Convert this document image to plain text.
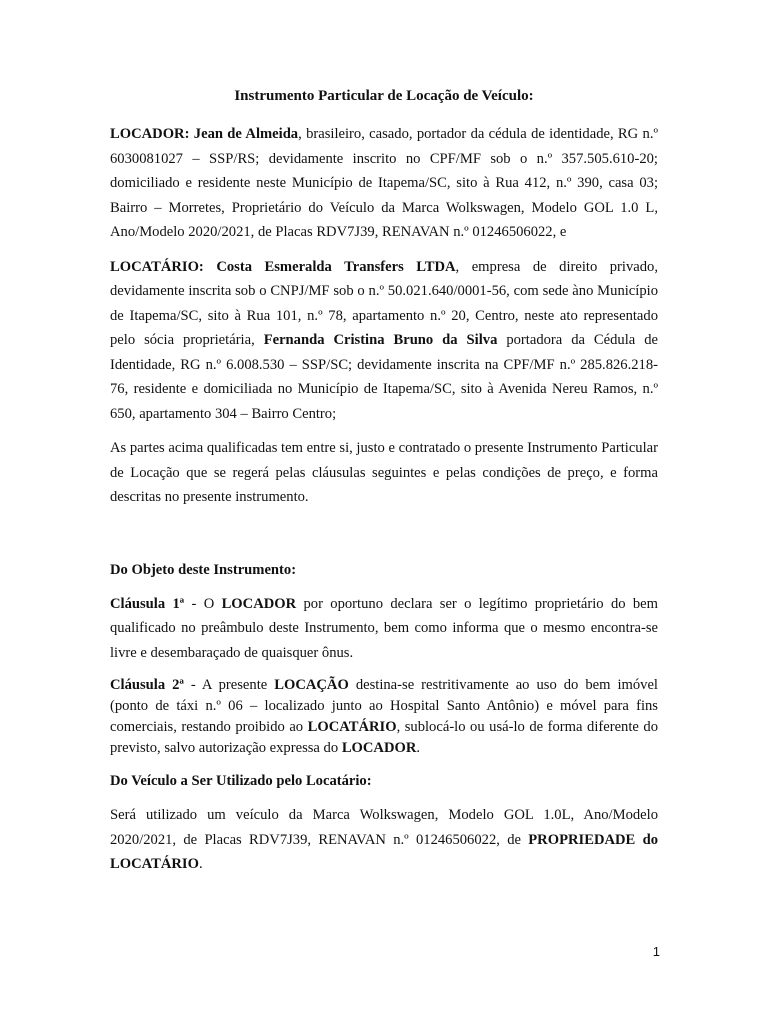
Instrumento Particular de Locação de Veículo:

LOCADOR: Jean de Almeida, brasileiro, casado, portador da cédula de identidade, RG n.º 6030081027 – SSP/RS; devidamente inscrito no CPF/MF sob o n.º 357.505.610-20; domiciliado e residente neste Município de Itapema/SC, sito à Rua 412, n.º 390, casa 03; Bairro – Morretes, Proprietário do Veículo da Marca Wolkswagen, Modelo GOL 1.0 L, Ano/Modelo 2020/2021, de Placas RDV7J39, RENAVAN n.º 01246506022, e

LOCATÁRIO: Costa Esmeralda Transfers LTDA, empresa de direito privado, devidamente inscrita sob o CNPJ/MF sob o n.º 50.021.640/0001-56, com sede àno Município de Itapema/SC, sito à Rua 101, n.º 78, apartamento n.º 20, Centro, neste ato representado pelo sócia proprietária, Fernanda Cristina Bruno da Silva portadora da Cédula de Identidade, RG n.º 6.008.530 – SSP/SC; devidamente inscrita na CPF/MF n.º 285.826.218-76, residente e domiciliada no Município de Itapema/SC, sito à Avenida Nereu Ramos, n.º 650, apartamento 304 – Bairro Centro;

As partes acima qualificadas tem entre si, justo e contratado o presente Instrumento Particular de Locação que se regerá pelas cláusulas seguintes e pelas condições de preço, e forma descritas no presente instrumento.

Do Objeto deste Instrumento:

Cláusula 1ª - O LOCADOR por oportuno declara ser o legítimo proprietário do bem qualificado no preâmbulo deste Instrumento, bem como informa que o mesmo encontra-se livre e desembaraçado de quaisquer ônus.

Cláusula 2ª - A presente LOCAÇÃO destina-se restritivamente ao uso do bem imóvel (ponto de táxi n.º 06 – localizado junto ao Hospital Santo Antônio) e móvel para fins comerciais, restando proibido ao LOCATÁRIO, sublocá-lo ou usá-lo de forma diferente do previsto, salvo autorização expressa do LOCADOR.

Do Veículo a Ser Utilizado pelo Locatário:

Será utilizado um veículo da Marca Wolkswagen, Modelo GOL 1.0L, Ano/Modelo 2020/2021, de Placas RDV7J39, RENAVAN n.º 01246506022, de PROPRIEDADE do LOCATÁRIO.

1
